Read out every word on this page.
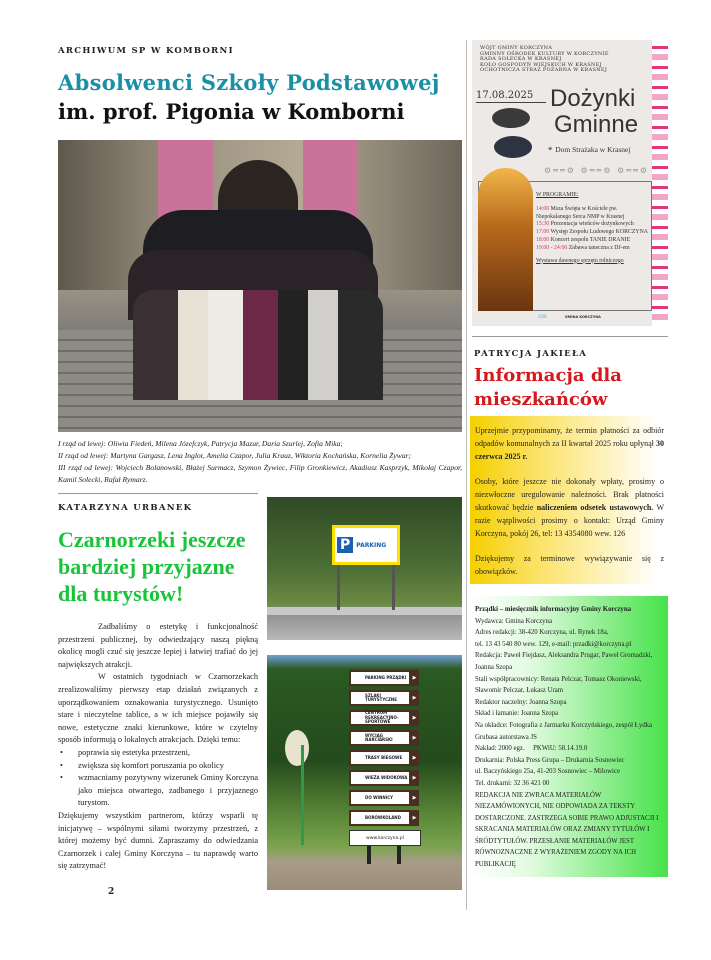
ARCHIWUM SP W KOMBORNI
Absolwenci Szkoły Podstawowej
im. prof. Pigonia w Komborni
I rząd od lewej: Oliwia Fiedeń, Milena Józefczyk, Patrycja Mazur, Daria Szurlej, Zofia Mika;
II rząd od lewej: Martyna Gargasz, Lena Inglot, Amelia Czapor, Julia Krauz, Wiktoria Kochańska, Kornelia Żywar;
III rząd od lewej: Wojciech Bolanowski, Błażej Surmacz, Szymon Żywiec, Filip Gronkiewicz, Akadiusz Kasprzyk, Mikołaj Czapor, Kamil Solecki, Rafał Rymarz.
KATARZYNA URBANEK
Czarnorzeki jeszcze bardziej przyjazne dla turystów!

Zadbaliśmy o estetykę i funkcjonalność przestrzeni publicznej, by odwiedzający naszą piękną okolicę mogli czuć się jeszcze lepiej i łatwiej trafiać do jej największych atrakcji.

W ostatnich tygodniach w Czarnorzekach zrealizowaliśmy pierwszy etap działań związanych z uporządkowaniem oznakowania turystycznego. Usunięto stare i nieczytelne tablice, a w ich miejsce pojawiły się nowe, estetyczne znaki kierunkowe, które w czytelny sposób informują o lokalnych atrakcjach. Dzięki temu:

• poprawia się estetyka przestrzeni,
• zwiększa się komfort poruszania po okolicy
• wzmacniamy pozytywny wizerunek Gminy Korczyna jako miejsca otwartego, zadbanego i przyjaznego turystom.

Dziękujemy wszystkim partnerom, którzy wsparli tę inicjatywę – wspólnymi siłami tworzymy przestrzeń, z której możemy być dumni. Zapraszamy do odwiedzania Czarnorzek i całej Gminy Korczyna – tu naprawdę warto się zatrzymać!

2
P	PARKING
PARKING PRZĄDKI ▶
SZLAKI TURYSTYCZNE ▶
CENTRUM REKREACYJNO-SPORTOWE ▶
WYCIĄG NARCIARSKI ▶
TRASY BIEGOWE ▶
WIEŻA WIDOKOWA ▶
DO WINNICY ▶
BORÓWKOLAND ▶
www.korczyna.pl
WÓJT GMINY KORCZYNA
GMINNY OŚRODEK KULTURY W KORCZYNIE
RADA SOŁECKA W KRASNEJ
KOŁO GOSPODYŃ WIEJSKICH W KRASNEJ
OCHOTNICZA STRAŻ POŻARNA W KRASNEJ
17.08.2025 Dożynki
Gminne
⌖ Dom Strażaka w Krasnej
⚙══⚙ ⚙══⚙ ⚙══⚙
W PROGRAMIE:
14:00 Msza Święta w Kościele pw. Niepokalanego Serca NMP w Krasnej
15:30 Prezentacja wieńców dożynkowych
17:00 Występ Zespołu Ludowego KORCZYNA
18:00 Koncert zespołu TANIE DRANIE
19:00 - 24:00 Zabawa taneczna z DJ-em
Wystawa dawnego sprzętu rolniczego
GOK	GMINA KORCZYNA
PATRYCJA JAKIEŁA
Informacja dla mieszkańców

Uprzejmie przypominamy, że termin płatności za odbiór odpadów komunalnych za II kwartał 2025 roku upłynął 30 czerwca 2025 r.

Osoby, które jeszcze nie dokonały wpłaty, prosimy o niezwłoczne uregulowanie należności. Brak płatności skutkować będzie naliczeniem odsetek ustawowych. W razie wątpliwości prosimy o kontakt: Urząd Gminy Korczyna, pokój 26, tel: 13 4354080 wew. 126

Dziękujemy za terminowe wywiązywanie się z obowiązków.

Prządki – miesięcznik informacyjny Gminy Korczyna
Wydawca: Gmina Korczyna
Adres redakcji: 38-420 Korczyna, ul. Rynek 18a,
tel. 13 43 540 80 wew. 129, e-mail: przadki@korczyna.pl
Redakcja: Paweł Fiejdasz, Aleksandra Prugar, Paweł Gromadzki, Joanna Szopa
Stali współpracownicy: Renata Pelczar, Tomasz Okoniewski, Sławomir Pelczar, Łukasz Uram
Redaktor naczelny: Joanna Szopa
Skład i łamanie: Joanna Szopa
Na okładce: Fotografia z Jarmarku Korczyńskiego, zespół Łydka Grubasa autorstawa JS
Nakład: 2000 egz.     PKWiU: 58.14.19.0
Drukarnia: Polska Press Grupa – Drukarnia Sosnowiec
ul. Baczyńskiego 25a, 41-203 Sosnowiec – Milowice
Tel. drukarni: 32 36 421 00
REDAKCJA NIE ZWRACA MATERIAŁÓW NIEZAMÓWIONYCH, NIE ODPOWIADA ZA TEKSTY DOSTARCZONE. ZASTRZEGA SOBIE PRAWO ADJUSTACJI I SKRACANIA MATERIAŁÓW ORAZ ZMIANY TYTUŁÓW I ŚRÓDTYTUŁÓW. PRZESŁANIE MATERIAŁÓW JEST RÓWNOZNACZNE Z WYRAŻENIEM ZGODY NA ICH PUBLIKACJĘ
